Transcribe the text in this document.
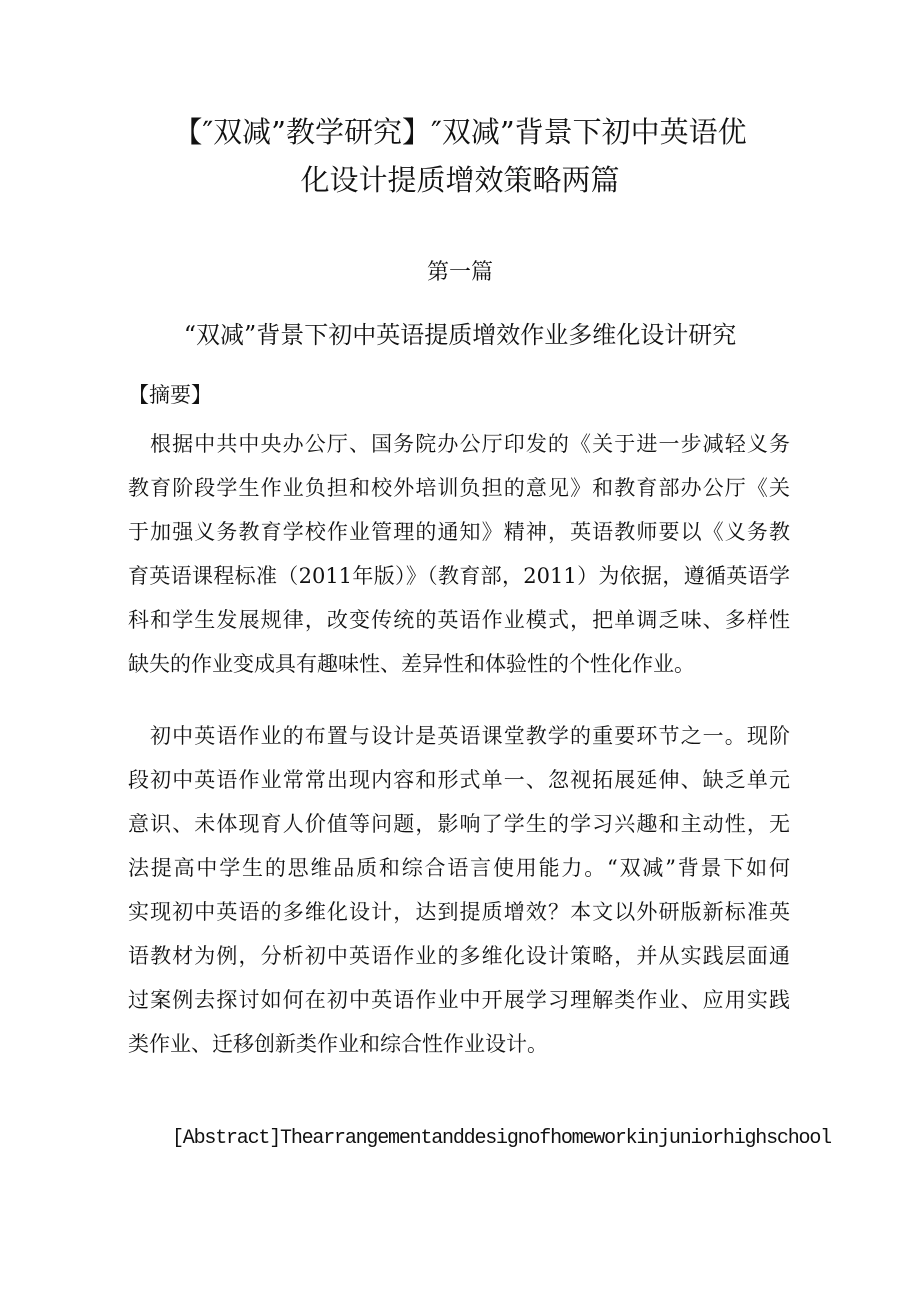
【″双减”教学研究】″双减”背景下初中英语优
化设计提质增效策略两篇
第一篇
“双减”背景下初中英语提质增效作业多维化设计研究
【摘要】
根据中共中央办公厅、国务院办公厅印发的《关于进一步减轻义务
教育阶段学生作业负担和校外培训负担的意见》和教育部办公厅《关
于加强义务教育学校作业管理的通知》精神，英语教师要以《义务教
育英语课程标准（2011年版）》（教育部，2011）为依据，遵循英语学
科和学生发展规律，改变传统的英语作业模式，把单调乏味、多样性
缺失的作业变成具有趣味性、差异性和体验性的个性化作业。
初中英语作业的布置与设计是英语课堂教学的重要环节之一。现阶
段初中英语作业常常出现内容和形式单一、忽视拓展延伸、缺乏单元
意识、未体现育人价值等问题，影响了学生的学习兴趣和主动性，无
法提高中学生的思维品质和综合语言使用能力。“双减”背景下如何
实现初中英语的多维化设计，达到提质增效？本文以外研版新标准英
语教材为例，分析初中英语作业的多维化设计策略，并从实践层面通
过案例去探讨如何在初中英语作业中开展学习理解类作业、应用实践
类作业、迁移创新类作业和综合性作业设计。
[Abstract]Thearrangementanddesignofhomeworkinjuniorhighschool
